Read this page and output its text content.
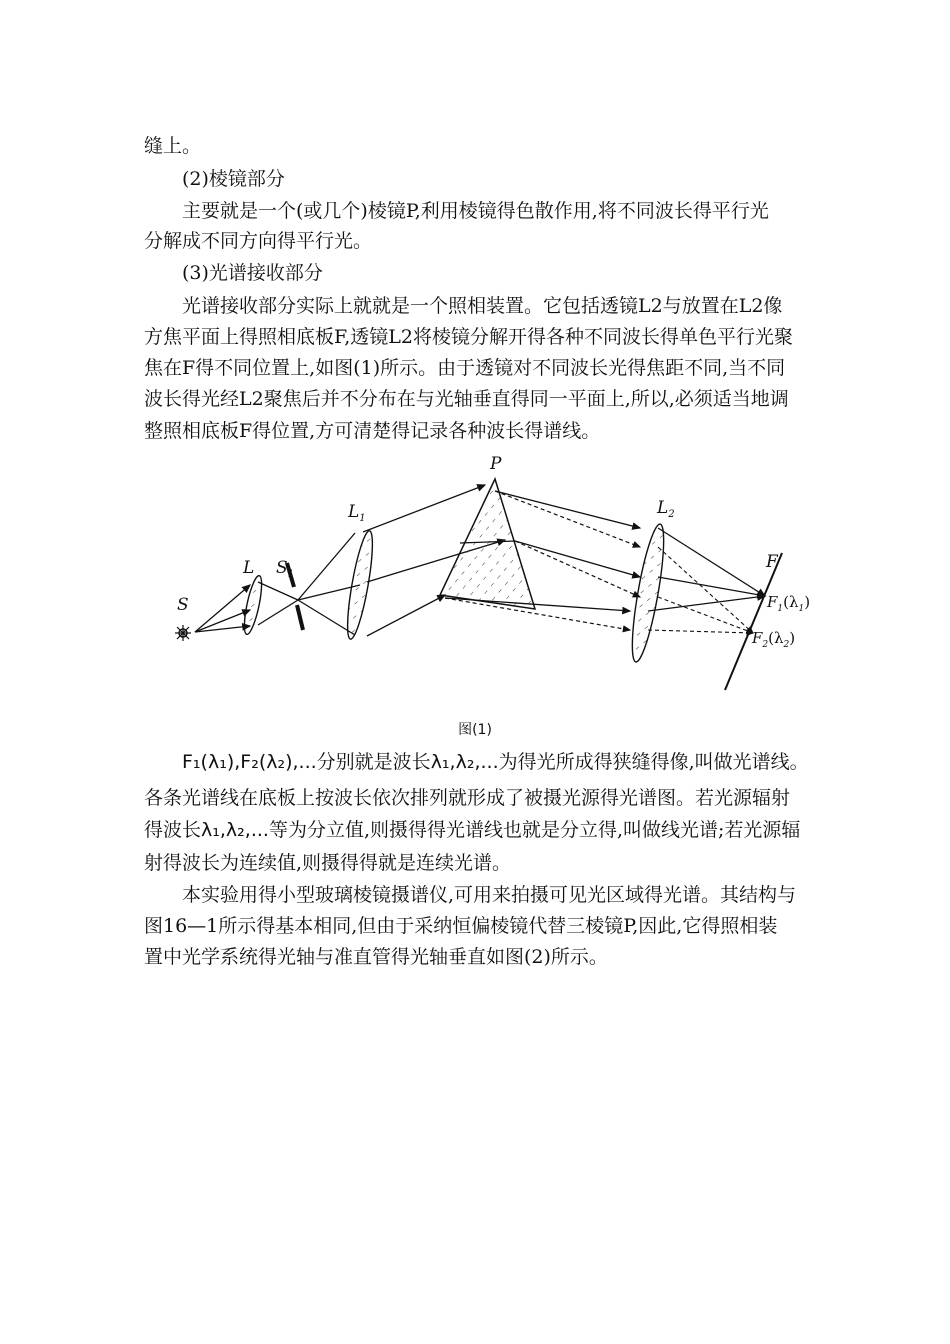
缝上。
(2)棱镜部分
主要就是一个(或几个)棱镜P,利用棱镜得色散作用,将不同波长得平行光
分解成不同方向得平行光。
(3)光谱接收部分
光谱接收部分实际上就就是一个照相装置。它包括透镜L2与放置在L2像
方焦平面上得照相底板F,透镜L2将棱镜分解开得各种不同波长得单色平行光聚
焦在F得不同位置上,如图(1)所示。由于透镜对不同波长光得焦距不同,当不同
波长得光经L2聚焦后并不分布在与光轴垂直得同一平面上,所以,必须适当地调
整照相底板F得位置,方可清楚得记录各种波长得谱线。
S
L $S_1$
$L_1$
P
$L_2$
F
$F_1(\lambda_1)$
$F_2(\lambda_2)$
图(1)
F₁(λ₁),F₂(λ₂),...分别就是波长λ₁,λ₂,...为得光所成得狭缝得像,叫做光谱线。
各条光谱线在底板上按波长依次排列就形成了被摄光源得光谱图。若光源辐射
得波长λ₁,λ₂,...等为分立值,则摄得得光谱线也就是分立得,叫做线光谱;若光源辐
射得波长为连续值,则摄得得就是连续光谱。
本实验用得小型玻璃棱镜摄谱仪,可用来拍摄可见光区域得光谱。其结构与
图16—1所示得基本相同,但由于采纳恒偏棱镜代替三棱镜P,因此,它得照相装
置中光学系统得光轴与准直管得光轴垂直如图(2)所示。
